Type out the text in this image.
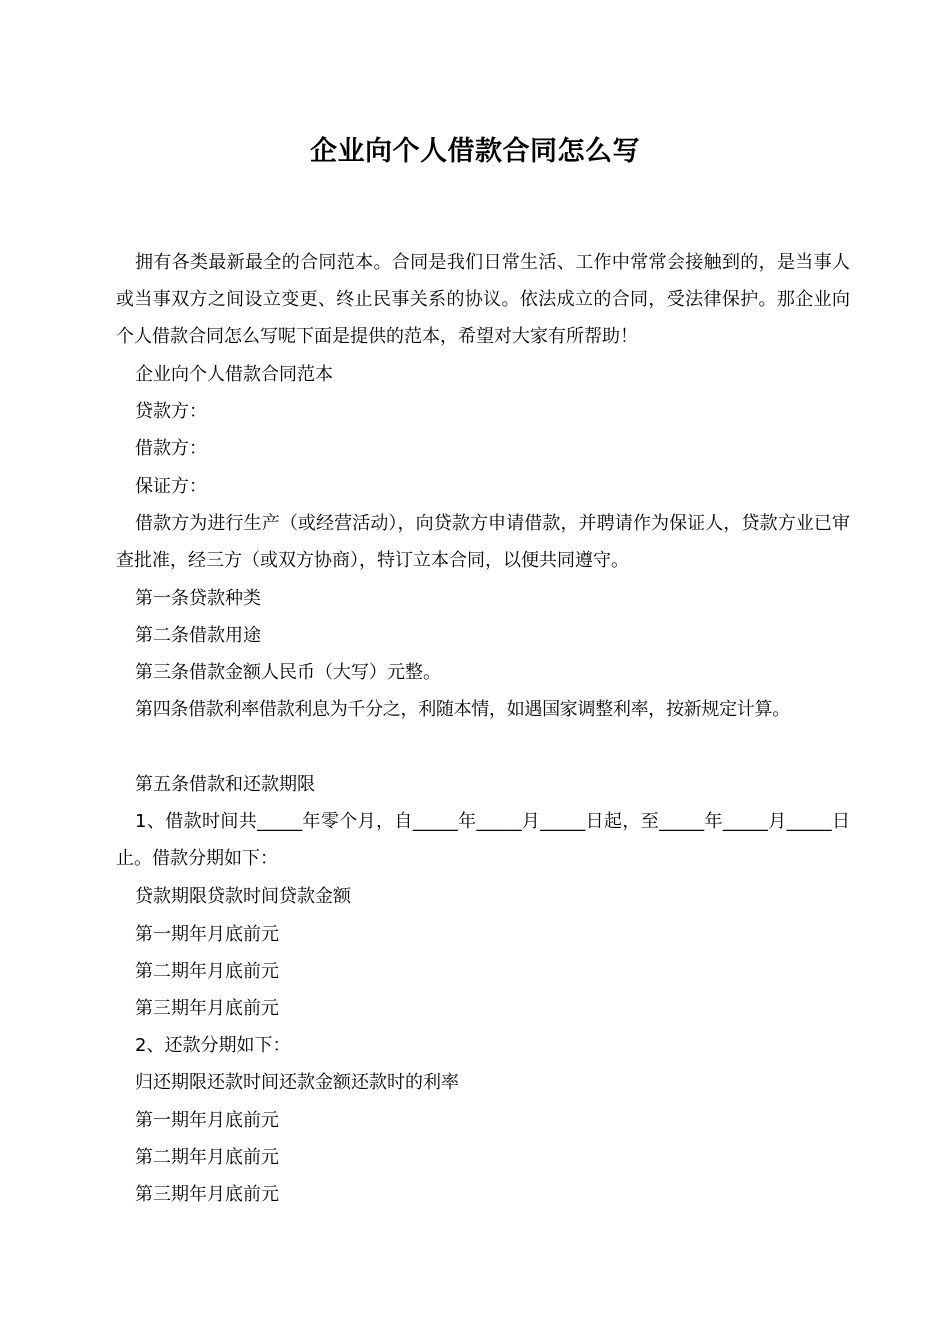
企业向个人借款合同怎么写
拥有各类最新最全的合同范本。合同是我们日常生活、工作中常常会接触到的，是当事人或当事双方之间设立变更、终止民事关系的协议。依法成立的合同，受法律保护。那企业向个人借款合同怎么写呢下面是提供的范本，希望对大家有所帮助！
企业向个人借款合同范本
贷款方：
借款方：
保证方：
借款方为进行生产（或经营活动），向贷款方申请借款，并聘请作为保证人，贷款方业已审查批准，经三方（或双方协商），特订立本合同，以便共同遵守。
第一条贷款种类
第二条借款用途
第三条借款金额人民币（大写）元整。
第四条借款利率借款利息为千分之，利随本情，如遇国家调整利率，按新规定计算。
第五条借款和还款期限
1、借款时间共_____年零个月，自_____年_____月_____日起，至_____年_____月_____日止。借款分期如下：
贷款期限贷款时间贷款金额
第一期年月底前元
第二期年月底前元
第三期年月底前元
2、还款分期如下：
归还期限还款时间还款金额还款时的利率
第一期年月底前元
第二期年月底前元
第三期年月底前元
